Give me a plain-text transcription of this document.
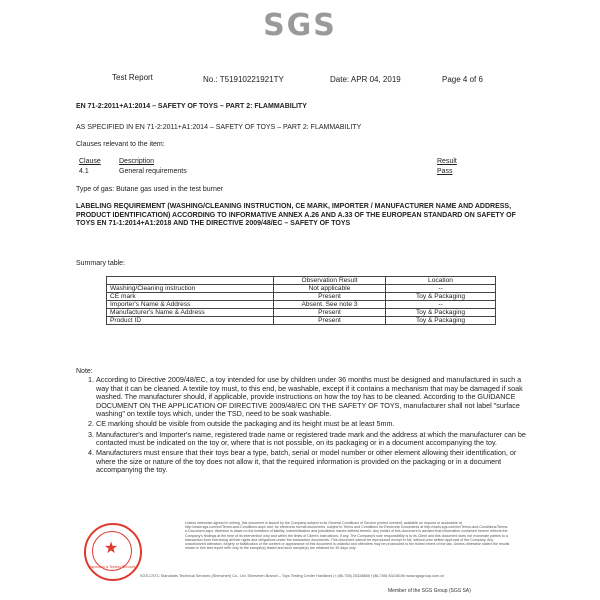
SGS
Test Report	No.: T51910221921TY	Date: APR 04, 2019	Page 4 of 6
EN 71-2:2011+A1:2014 – SAFETY OF TOYS – PART 2: FLAMMABILITY
AS SPECIFIED IN EN 71-2:2011+A1:2014 – SAFETY OF TOYS – PART 2: FLAMMABILITY
Clauses relevant to the item:
Clause	Description	Result
4.1	General requirements	Pass
Type of gas: Butane gas used in the test burner
LABELING REQUIREMENT (WASHING/CLEANING INSTRUCTION, CE MARK, IMPORTER / MANUFACTURER NAME AND ADDRESS, PRODUCT IDENTIFICATION) ACCORDING TO INFORMATIVE ANNEX A.26 AND A.33 OF THE EUROPEAN STANDARD ON SAFETY OF TOYS EN 71-1:2014+A1:2018 AND THE DIRECTIVE 2009/48/EC – SAFETY OF TOYS
Summary table:
	Observation Result	Location
Washing/Cleaning instruction	Not applicable	--
CE mark	Present	Toy & Packaging
Importer's Name & Address	Absent. See note 3	--
Manufacturer's Name & Address	Present	Toy & Packaging
Product ID	Present	Toy & Packaging
Note:
1. According to Directive 2009/48/EC, a toy intended for use by children under 36 months must be designed and manufactured in such a way that it can be cleaned. A textile toy must, to this end, be washable, except if it contains a mechanism that may be damaged if soak washed. The manufacturer should, if applicable, provide instructions on how the toy has to be cleaned. According to the GUIDANCE DOCUMENT ON THE APPLICATION OF DIRECTIVE 2009/48/EC ON THE SAFETY OF TOYS, manufacturer shall not label "surface washing" on textile toys which, under the TSD, need to be soak washable.
2. CE marking should be visible from outside the packaging and its height must be at least 5mm.
3. Manufacturer's and Importer's name, registered trade name or registered trade mark and the address at which the manufacturer can be contacted must be indicated on the toy or, where that is not possible, on its packaging or in a document accompanying the toy.
4. Manufacturers must ensure that their toys bear a type, batch, serial or model number or other element allowing their identification, or where the size or nature of the toy does not allow it, that the required information is provided on the packaging or in a document accompanying the toy.
Unless otherwise agreed in writing, this document is issued by the Company subject to its General Conditions of Service printed overleaf, available on request or accessible at http://www.sgs.com/en/Terms-and-Conditions.aspx and, for electronic format documents, subject to Terms and Conditions for Electronic Documents at http://www.sgs.com/en/Terms-and-Conditions/Terms-e-Document.aspx. Attention is drawn to the limitation of liability, indemnification and jurisdiction issues defined therein. Any holder of this document is advised that information contained hereon reflects the Company's findings at the time of its intervention only and within the limits of Client's instructions, if any. The Company's sole responsibility is to its Client and this document does not exonerate parties to a transaction from exercising all their rights and obligations under the transaction documents. This document cannot be reproduced except in full, without prior written approval of the Company. Any unauthorized alteration, forgery or falsification of the content or appearance of this document is unlawful and offenders may be prosecuted to the fullest extent of the law. Unless otherwise stated the results shown in this test report refer only to the sample(s) tested and such sample(s) are retained for 30 days only.
★
Inspection & Testing Services
SGS-CSTC Standards Technical Services (Shenzhen) Co., Ltd. Shenzhen Branch – Toys Testing Center Hardlines | t (86-755) 25328888 f (86-755) 83108190 www.sgsgroup.com.cn
Member of the SGS Group (SGS SA)
